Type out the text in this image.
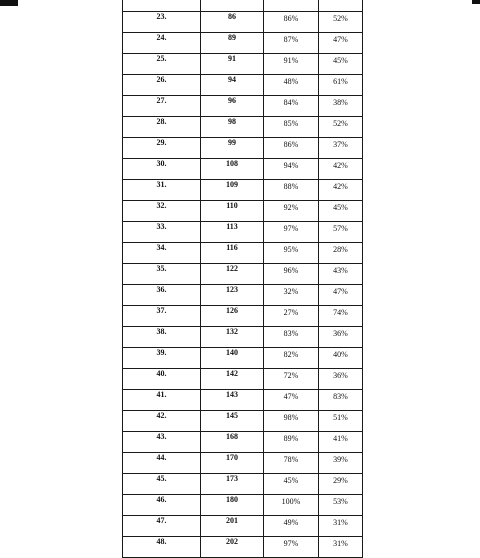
23.	86	86%	52%
24.	89	87%	47%
25.	91	91%	45%
26.	94	48%	61%
27.	96	84%	38%
28.	98	85%	52%
29.	99	86%	37%
30.	108	94%	42%
31.	109	88%	42%
32.	110	92%	45%
33.	113	97%	57%
34.	116	95%	28%
35.	122	96%	43%
36.	123	32%	47%
37.	126	27%	74%
38.	132	83%	36%
39.	140	82%	40%
40.	142	72%	36%
41.	143	47%	83%
42.	145	98%	51%
43.	168	89%	41%
44.	170	78%	39%
45.	173	45%	29%
46.	180	100%	53%
47.	201	49%	31%
48.	202	97%	31%
